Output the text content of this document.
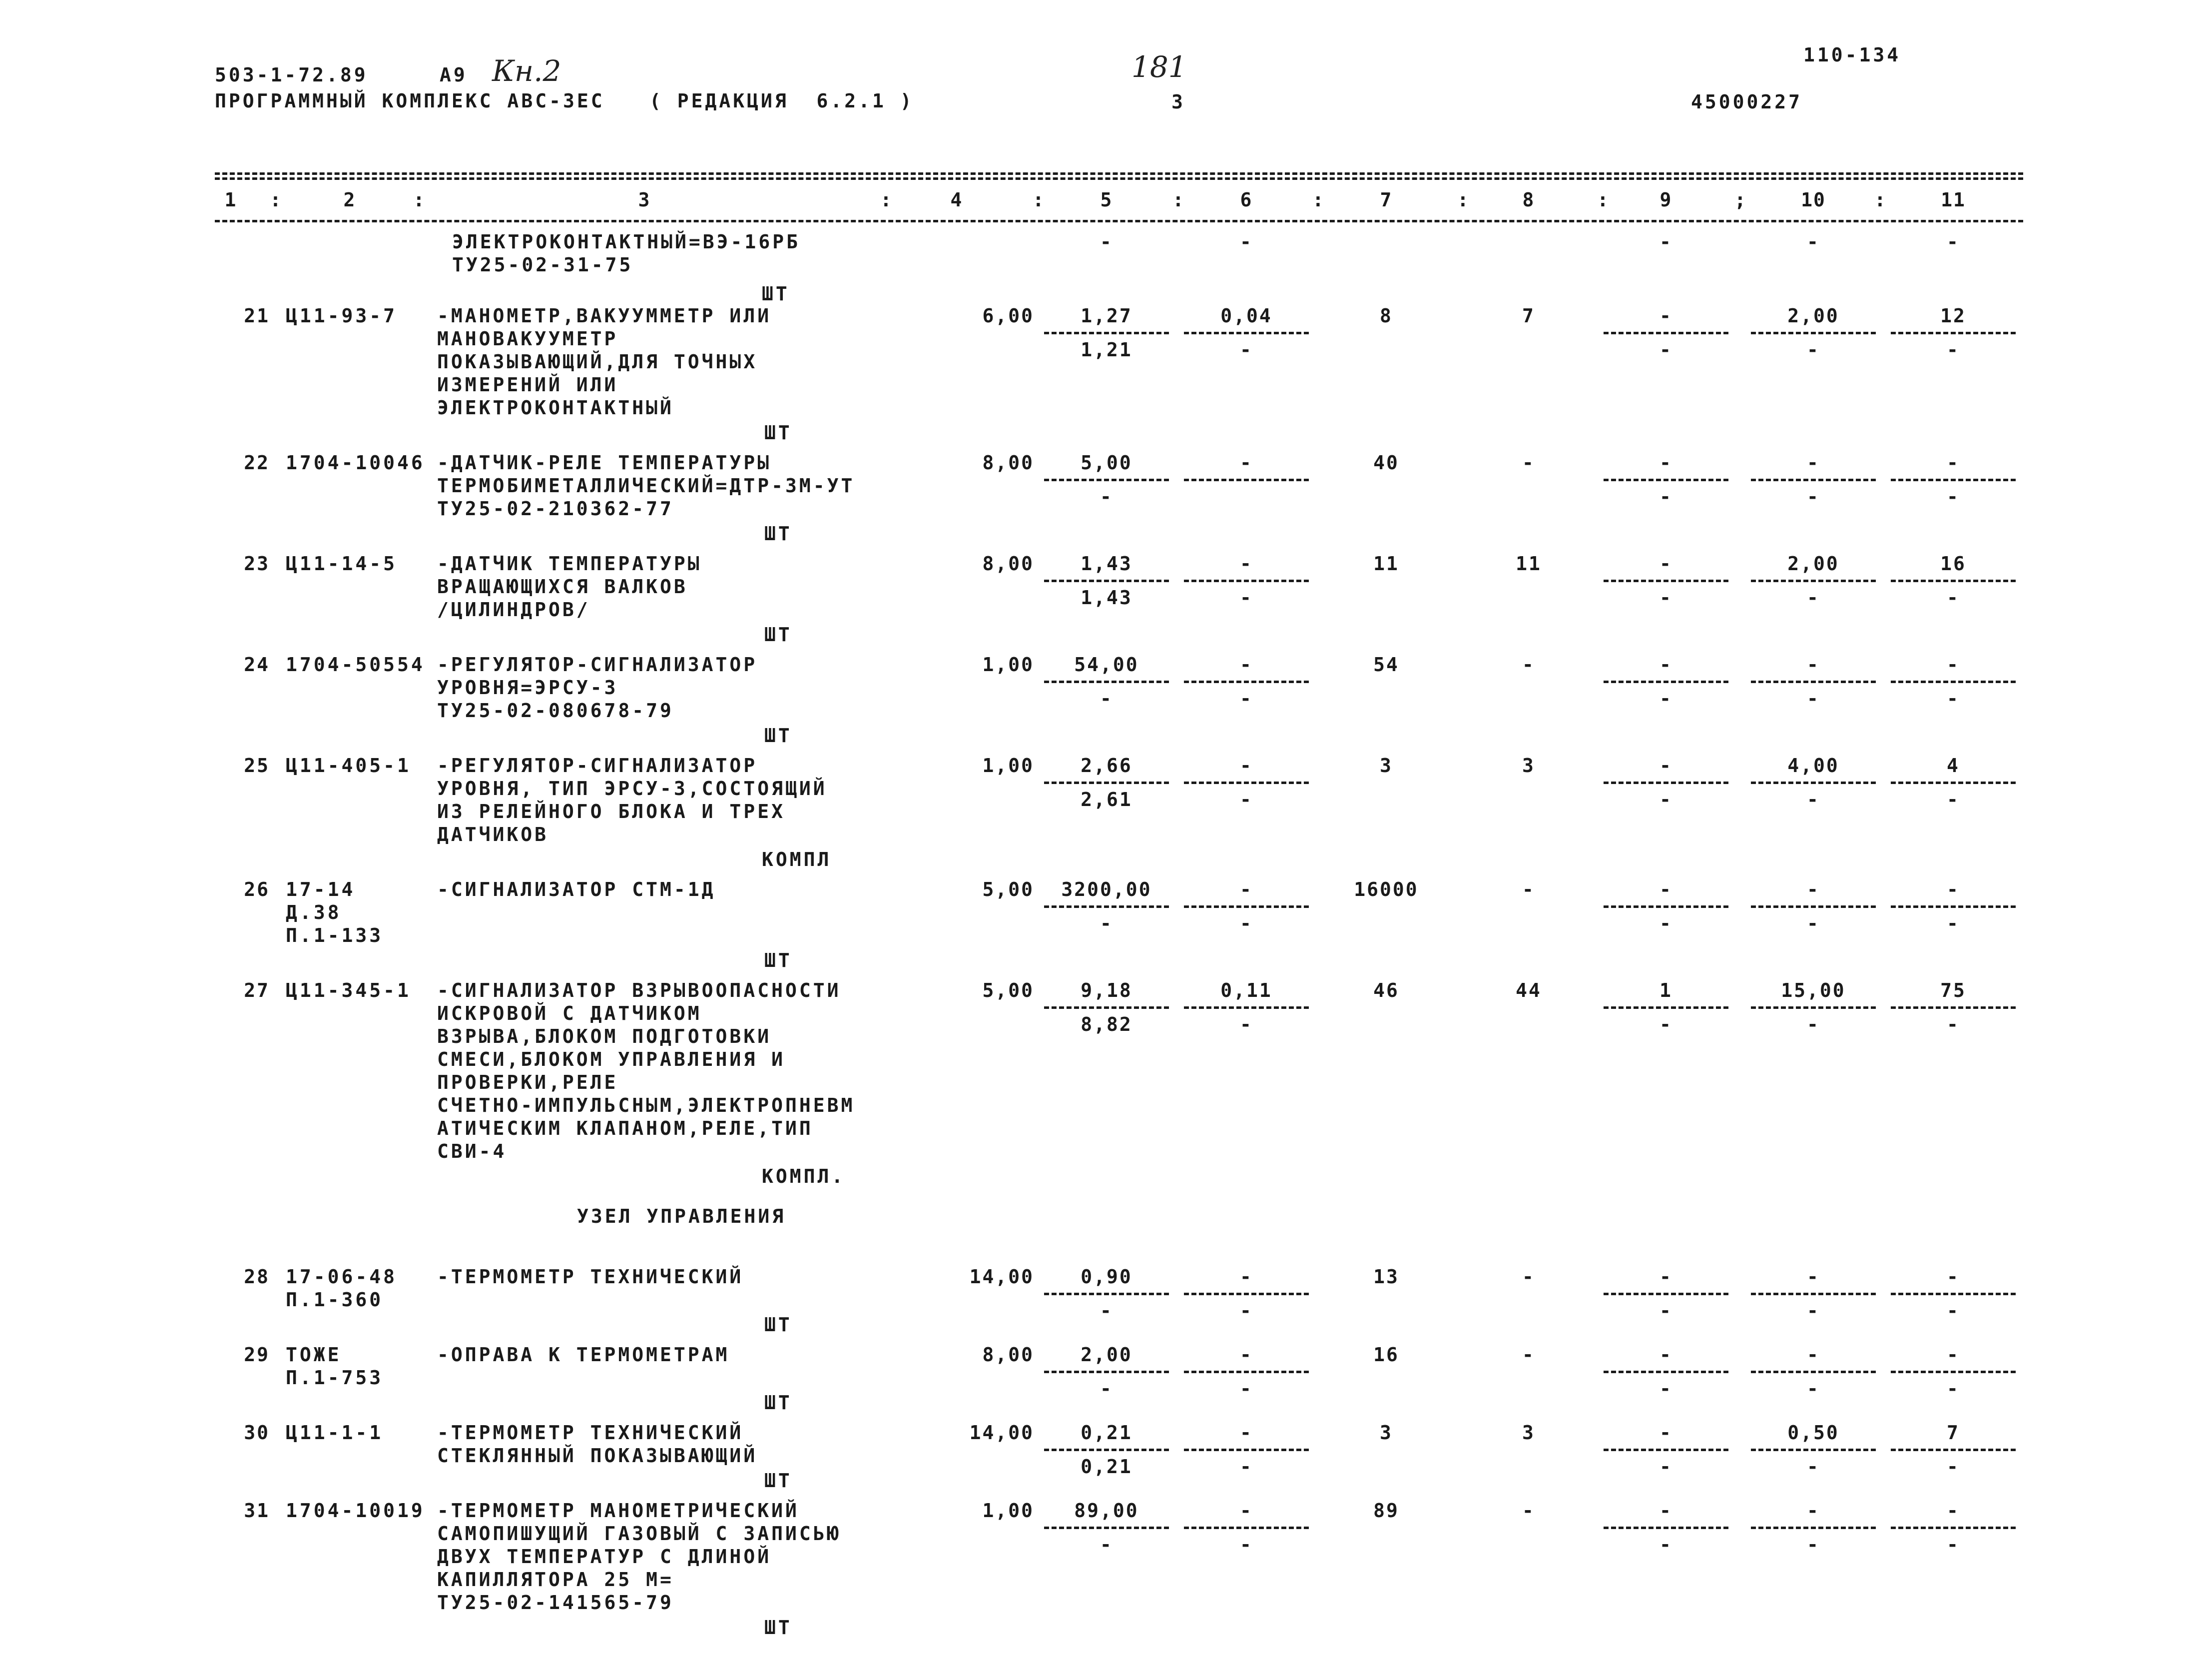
503-1-72.89	А9 Кн.2	181	110-134
ПРОГРАММНЫЙ КОМПЛЕКС АВС-3ЕС ( РЕДАКЦИЯ  6.2.1 )	3	45000227
1	2	3	4	5	6	7	8	9	10	11
:	:	:	:	:	:	:	:	;	:
ЭЛЕКТРОКОНТАКТНЫЙ=ВЭ-16РБ
ТУ25-02-31-75
-	-	-	-	-
ШТ
21 Ц11-93-7 -МАНОМЕТР,ВАКУУММЕТР ИЛИ
МАНОВАКУУМЕТР
ПОКАЗЫВАЮЩИЙ,ДЛЯ ТОЧНЫХ
ИЗМЕРЕНИЙ ИЛИ
ЭЛЕКТРОКОНТАКТНЫЙ
6,00	1,27	0,04	8	7	-	2,00	12
1,21	-	-	-	-
ШТ
22 1704-10046 -ДАТЧИК-РЕЛЕ ТЕМПЕРАТУРЫ
ТЕРМОБИМЕТАЛЛИЧЕСКИЙ=ДТР-3М-УТ
ТУ25-02-210362-77
8,00	5,00	-	40	-	-	-	-
-	-	-	-
ШТ
23 Ц11-14-5 -ДАТЧИК ТЕМПЕРАТУРЫ
ВРАЩАЮЩИХСЯ ВАЛКОВ
/ЦИЛИНДРОВ/
8,00	1,43	-	11	11	-	2,00	16
1,43	-	-	-	-
ШТ
24 1704-50554 -РЕГУЛЯТОР-СИГНАЛИЗАТОР
УРОВНЯ=ЭРСУ-3
ТУ25-02-080678-79
1,00	54,00	-	54	-	-	-	-
-	-	-	-	-
ШТ
25 Ц11-405-1 -РЕГУЛЯТОР-СИГНАЛИЗАТОР
УРОВНЯ, ТИП ЭРСУ-3,СОСТОЯЩИЙ
ИЗ РЕЛЕЙНОГО БЛОКА И ТРЕХ
ДАТЧИКОВ
1,00	2,66	-	3	3	-	4,00	4
2,61	-	-	-	-
КОМПЛ
26 17-14
Д.38
П.1-133
-СИГНАЛИЗАТОР СТМ-1Д	5,00	3200,00	-	16000	-	-	-	-
-	-	-	-	-
ШТ
27 Ц11-345-1 -СИГНАЛИЗАТОР ВЗРЫВООПАСНОСТИ
ИСКРОВОЙ С ДАТЧИКОМ
ВЗРЫВА,БЛОКОМ ПОДГОТОВКИ
СМЕСИ,БЛОКОМ УПРАВЛЕНИЯ И
ПРОВЕРКИ,РЕЛЕ
СЧЕТНО-ИМПУЛЬСНЫМ,ЭЛЕКТРОПНЕВМ
АТИЧЕСКИМ КЛАПАНОМ,РЕЛЕ,ТИП
СВИ-4
5,00	9,18	0,11	46	44	1	15,00	75
8,82	-	-	-	-
КОМПЛ.
УЗЕЛ УПРАВЛЕНИЯ
28 17-06-48
П.1-360
-ТЕРМОМЕТР ТЕХНИЧЕСКИЙ	14,00	0,90	-	13	-	-	-	-
-	-	-	-	-
ШТ
29 ТОЖЕ
П.1-753
-ОПРАВА К ТЕРМОМЕТРАМ	8,00	2,00	-	16	-	-	-	-
-	-	-	-	-
ШТ
30 Ц11-1-1	-ТЕРМОМЕТР ТЕХНИЧЕСКИЙ
СТЕКЛЯННЫЙ ПОКАЗЫВАЮЩИЙ
14,00	0,21	-	3	3	-	0,50	7
0,21	-	-	-	-
ШТ
31 1704-10019 -ТЕРМОМЕТР МАНОМЕТРИЧЕСКИЙ
САМОПИШУЩИЙ ГАЗОВЫЙ С ЗАПИСЬЮ
ДВУХ ТЕМПЕРАТУР С ДЛИНОЙ
КАПИЛЛЯТОРА 25 М=
ТУ25-02-141565-79
1,00	89,00	-	89	-	-	-	-
-	-	-	-	-
ШТ
